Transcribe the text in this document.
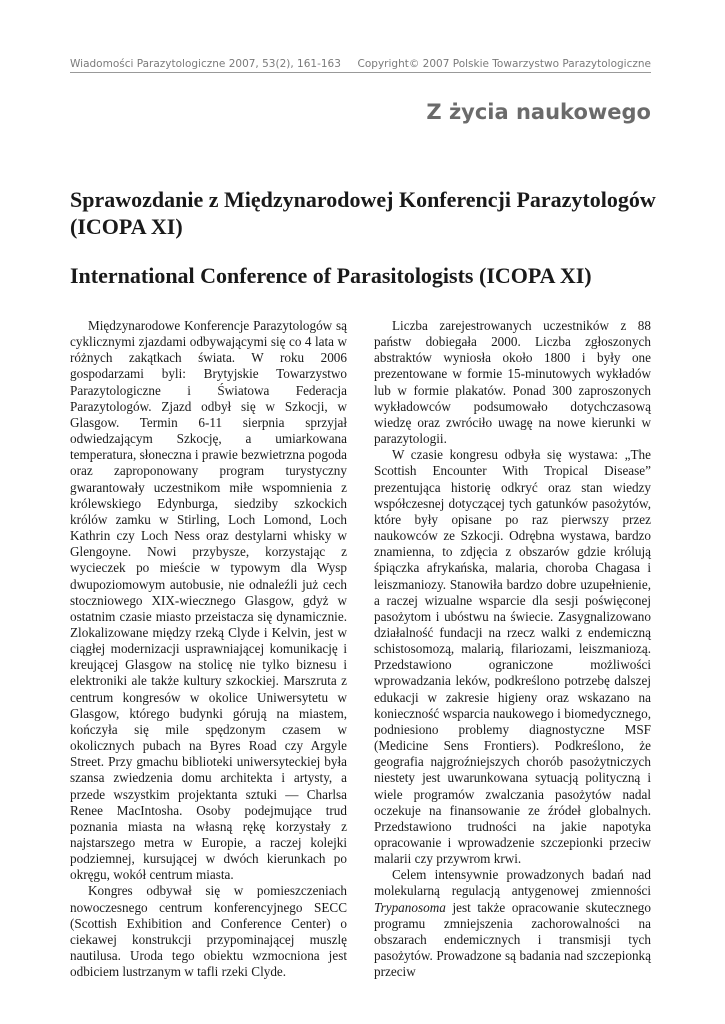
Wiadomości Parazytologiczne 2007, 53(2), 161-163 Copyright© 2007 Polskie Towarzystwo Parazytologiczne
Z życia naukowego
Sprawozdanie z Międzynarodowej Konferencji Parazytologów (ICOPA XI)
International Conference of Parasitologists (ICOPA XI)

Międzynarodowe Konferencje Parazytologów są cyklicznymi zjazdami odbywającymi się co 4 lata w różnych zakątkach świata. W roku 2006 gospodarzami byli: Brytyjskie Towarzystwo Parazytologiczne i Światowa Federacja Parazytologów. Zjazd odbył się w Szkocji, w Glasgow. Termin 6-11 sierpnia sprzyjał odwiedzającym Szkocję, a umiarkowana temperatura, słoneczna i prawie bezwietrzna pogoda oraz zaproponowany program turystyczny gwarantowały uczestnikom miłe wspomnienia z królewskiego Edynburga, siedziby szkockich królów zamku w Stirling, Loch Lomond, Loch Kathrin czy Loch Ness oraz destylarni whisky w Glengoyne. Nowi przybysze, korzystając z wycieczek po mieście w typowym dla Wysp dwupoziomowym autobusie, nie odnaleźli już cech stoczniowego XIX-wiecznego Glasgow, gdyż w ostatnim czasie miasto przeistacza się dynamicznie. Zlokalizowane między rzeką Clyde i Kelvin, jest w ciągłej modernizacji usprawniającej komunikację i kreującej Glasgow na stolicę nie tylko biznesu i elektroniki ale także kultury szkockiej. Marszruta z centrum kongresów w okolice Uniwersytetu w Glasgow, którego budynki górują na miastem, kończyła się mile spędzonym czasem w okolicznych pubach na Byres Road czy Argyle Street. Przy gmachu biblioteki uniwersyteckiej była szansa zwiedzenia domu architekta i artysty, a przede wszystkim projektanta sztuki — Charlsa Renee MacIntosha. Osoby podejmujące trud poznania miasta na własną rękę korzystały z najstarszego metra w Europie, a raczej kolejki podziemnej, kursującej w dwóch kierunkach po okręgu, wokół centrum miasta.

Kongres odbywał się w pomieszczeniach nowoczesnego centrum konferencyjnego SECC (Scottish Exhibition and Conference Center) o ciekawej konstrukcji przypominającej muszlę nautilusa. Uroda tego obiektu wzmocniona jest odbiciem lustrzanym w tafli rzeki Clyde.

Liczba zarejestrowanych uczestników z 88 państw dobiegała 2000. Liczba zgłoszonych abstraktów wyniosła około 1800 i były one prezentowane w formie 15-minutowych wykładów lub w formie plakatów. Ponad 300 zaproszonych wykładowców podsumowało dotychczasową wiedzę oraz zwróciło uwagę na nowe kierunki w parazytologii.

W czasie kongresu odbyła się wystawa: „The Scottish Encounter With Tropical Disease” prezentująca historię odkryć oraz stan wiedzy współczesnej dotyczącej tych gatunków pasożytów, które były opisane po raz pierwszy przez naukowców ze Szkocji. Odrębna wystawa, bardzo znamienna, to zdjęcia z obszarów gdzie królują śpiączka afrykańska, malaria, choroba Chagasa i leiszmaniozy. Stanowiła bardzo dobre uzupełnienie, a raczej wizualne wsparcie dla sesji poświęconej pasożytom i ubóstwu na świecie. Zasygnalizowano działalność fundacji na rzecz walki z endemiczną schistosomozą, malarią, filariozami, leiszmaniozą. Przedstawiono ograniczone możliwości wprowadzania leków, podkreślono potrzebę dalszej edukacji w zakresie higieny oraz wskazano na konieczność wsparcia naukowego i biomedycznego, podniesiono problemy diagnostyczne MSF (Medicine Sens Frontiers). Podkreślono, że geografia najgroźniejszych chorób pasożytniczych niestety jest uwarunkowana sytuacją polityczną i wiele programów zwalczania pasożytów nadal oczekuje na finansowanie ze źródeł globalnych. Przedstawiono trudności na jakie napotyka opracowanie i wprowadzenie szczepionki przeciw malarii czy przywrom krwi.

Celem intensywnie prowadzonych badań nad molekularną regulacją antygenowej zmienności Trypanosoma jest także opracowanie skutecznego programu zmniejszenia zachorowalności na obszarach endemicznych i transmisji tych pasożytów. Prowadzone są badania nad szczepionką przeciw
